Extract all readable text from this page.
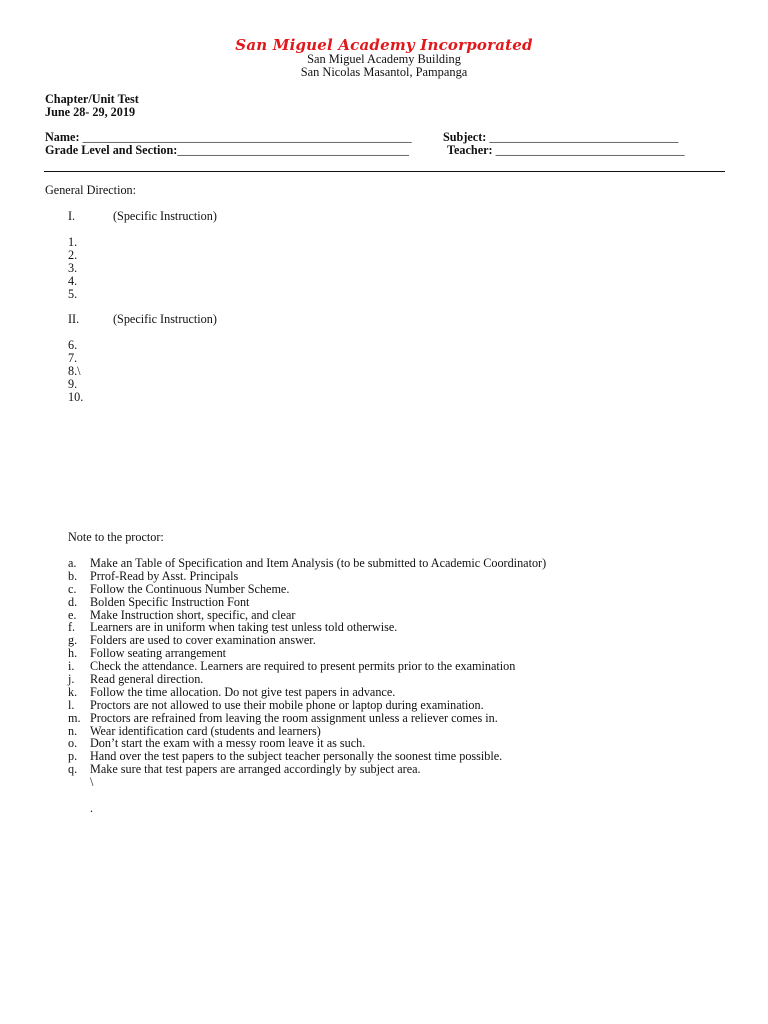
San Miguel Academy Incorporated
San Miguel Academy Building
San Nicolas Masantol, Pampanga
Chapter/Unit Test
June 28- 29, 2019
Name: ______________________________________________________	Subject: _______________________________
Grade Level and Section:______________________________________	Teacher: _______________________________
General Direction:
I.	(Specific Instruction)
1.
2.
3.
4.
5.
II.	(Specific Instruction)
6.
7.
8.\
9.
10.
Note to the proctor:
a. Make an Table of Specification and Item Analysis (to be submitted to Academic Coordinator)
b. Prrof-Read by Asst. Principals
c. Follow the Continuous Number Scheme.
d. Bolden Specific Instruction Font
e. Make Instruction short, specific, and clear
f. Learners are in uniform when taking test unless told otherwise.
g. Folders are used to cover examination answer.
h. Follow seating arrangement
i. Check the attendance. Learners are required to present permits prior to the examination
j. Read general direction.
k. Follow the time allocation. Do not give test papers in advance.
l. Proctors are not allowed to use their mobile phone or laptop during examination.
m. Proctors are refrained from leaving the room assignment unless a reliever comes in.
n. Wear identification card (students and learners)
o. Don’t start the exam with a messy room leave it as such.
p. Hand over the test papers to the subject teacher personally the soonest time possible.
q. Make sure that test papers are arranged accordingly by subject area.
\
.
